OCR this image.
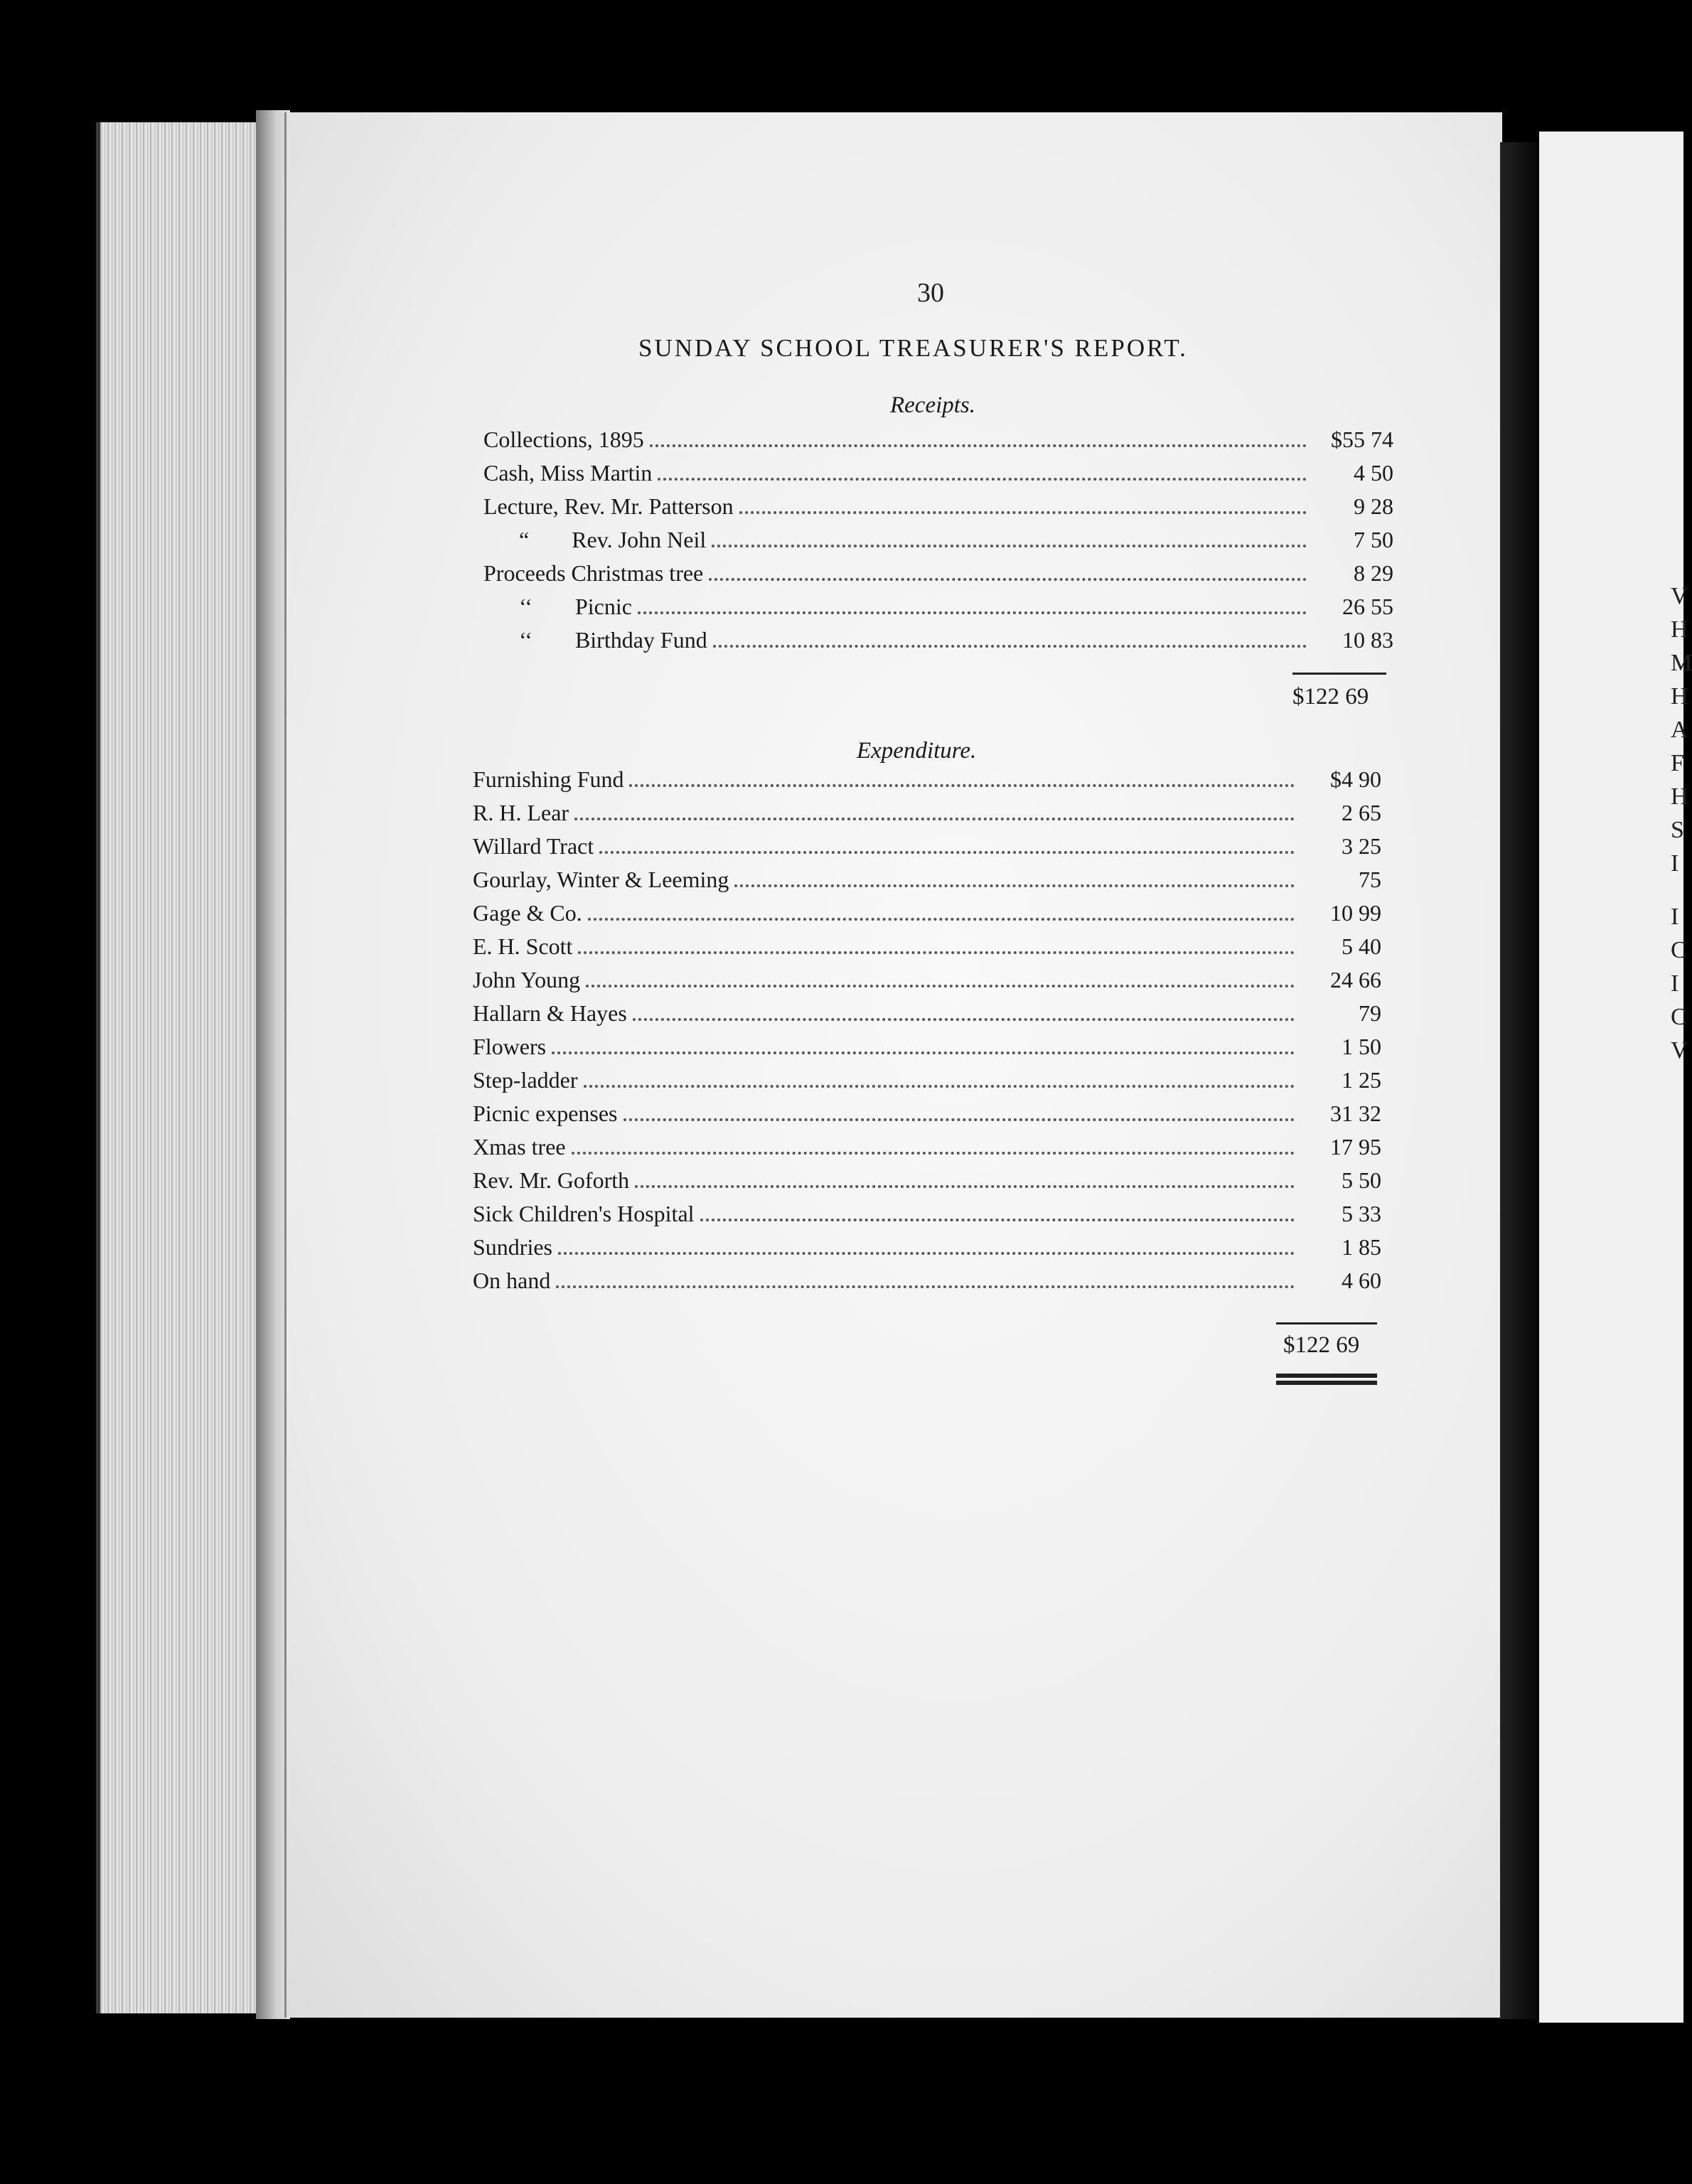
V
H
M
H
A
F
H
S
I
I
C
I
C
V
30
SUNDAY SCHOOL TREASURER'S REPORT.
Receipts.
Collections, 1895	$55 74
Cash, Miss Martin	4 50
Lecture, Rev. Mr. Patterson	9 28
“	Rev. John Neil	7 50
Proceeds Christmas tree	8 29
‘‘	Picnic	26 55
‘‘	Birthday Fund	10 83
$122 69
Expenditure.
Furnishing Fund	$4 90
R. H. Lear	2 65
Willard Tract	3 25
Gourlay, Winter & Leeming	75
Gage & Co.	10 99
E. H. Scott	5 40
John Young	24 66
Hallarn & Hayes	79
Flowers	1 50
Step-ladder	1 25
Picnic expenses	31 32
Xmas tree	17 95
Rev. Mr. Goforth	5 50
Sick Children's Hospital	5 33
Sundries	1 85
On hand	4 60
$122 69
